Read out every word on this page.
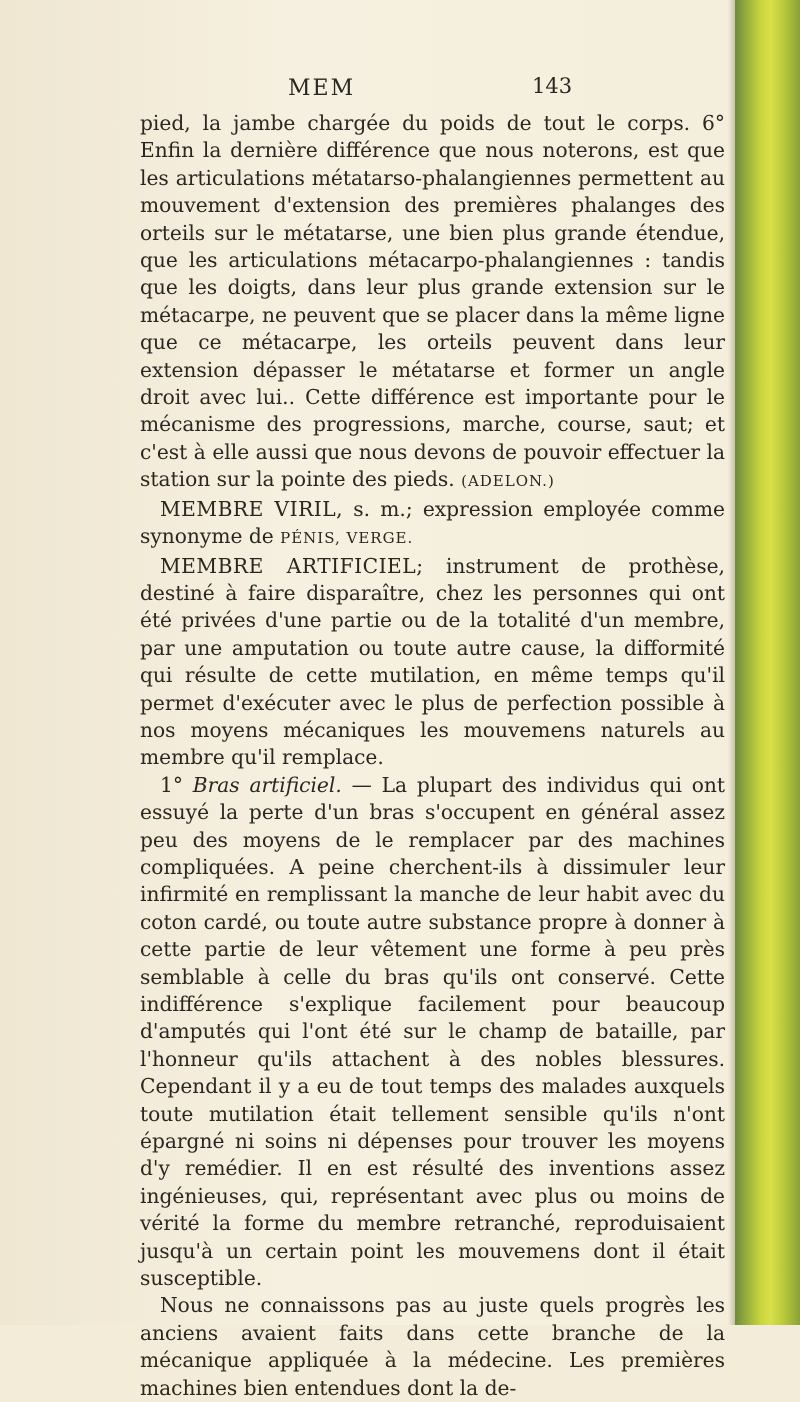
MEM	143

pied, la jambe chargée du poids de tout le corps. 6° Enfin la dernière différence que nous noterons, est que les articulations métatarso-phalangiennes permettent au mouvement d'extension des premières phalanges des orteils sur le métatarse, une bien plus grande étendue, que les articulations métacarpo-phalangiennes : tandis que les doigts, dans leur plus grande extension sur le métacarpe, ne peuvent que se placer dans la même ligne que ce métacarpe, les orteils peuvent dans leur extension dépasser le métatarse et former un angle droit avec lui.. Cette différence est importante pour le mécanisme des progressions, marche, course, saut; et c'est à elle aussi que nous devons de pouvoir effectuer la station sur la pointe des pieds. (ADELON.)

MEMBRE VIRIL, s. m.; expression employée comme synonyme de PÉNIS, VERGE.

MEMBRE ARTIFICIEL; instrument de prothèse, destiné à faire disparaître, chez les personnes qui ont été privées d'une partie ou de la totalité d'un membre, par une amputation ou toute autre cause, la difformité qui résulte de cette mutilation, en même temps qu'il permet d'exécuter avec le plus de perfection possible à nos moyens mécaniques les mouvemens naturels au membre qu'il remplace.

1° Bras artificiel. — La plupart des individus qui ont essuyé la perte d'un bras s'occupent en général assez peu des moyens de le remplacer par des machines compliquées. A peine cherchent-ils à dissimuler leur infirmité en remplissant la manche de leur habit avec du coton cardé, ou toute autre substance propre à donner à cette partie de leur vêtement une forme à peu près semblable à celle du bras qu'ils ont conservé. Cette indifférence s'explique facilement pour beaucoup d'amputés qui l'ont été sur le champ de bataille, par l'honneur qu'ils attachent à des nobles blessures. Cependant il y a eu de tout temps des malades auxquels toute mutilation était tellement sensible qu'ils n'ont épargné ni soins ni dépenses pour trouver les moyens d'y remédier. Il en est résulté des inventions assez ingénieuses, qui, représentant avec plus ou moins de vérité la forme du membre retranché, reproduisaient jusqu'à un certain point les mouvemens dont il était susceptible.

Nous ne connaissons pas au juste quels progrès les anciens avaient faits dans cette branche de la mécanique appliquée à la médecine. Les premières machines bien entendues dont la de-
